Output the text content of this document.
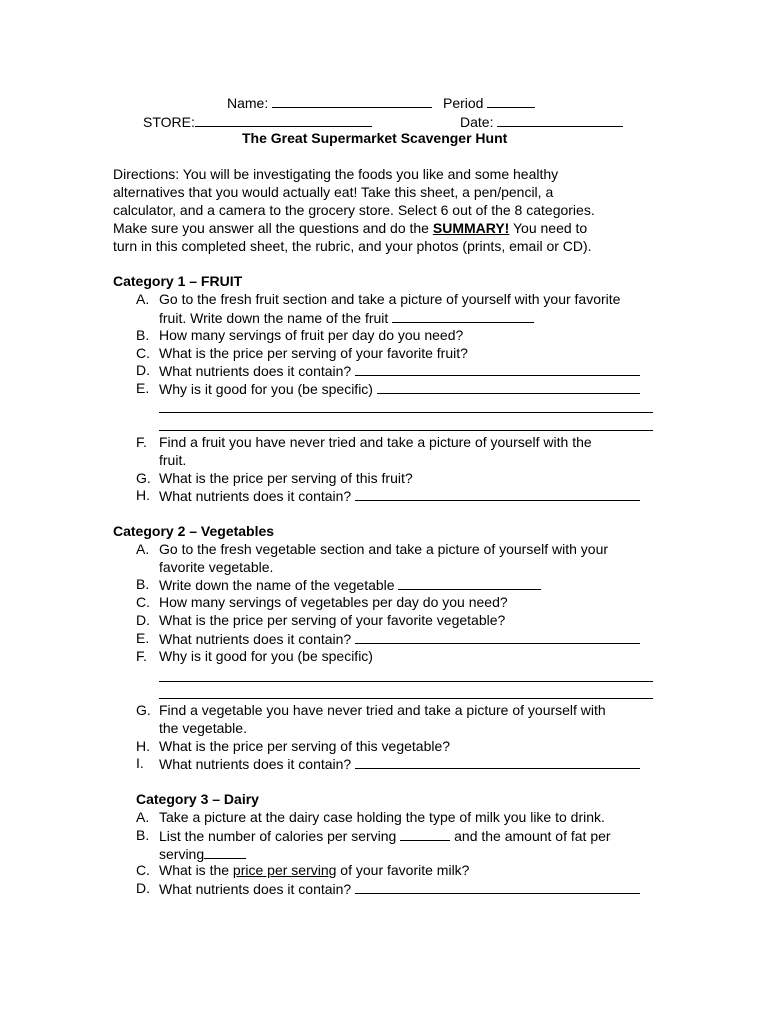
Name:	Period
STORE:	Date:
The Great Supermarket Scavenger Hunt
Directions: You will be investigating the foods you like and some healthy
alternatives that you would actually eat! Take this sheet, a pen/pencil, a
calculator, and a camera to the grocery store. Select 6 out of the 8 categories.
Make sure you answer all the questions and do the SUMMARY! You need to
turn in this completed sheet, the rubric, and your photos (prints, email or CD).
Category 1 – FRUIT
A. Go to the fresh fruit section and take a picture of yourself with your favorite
fruit. Write down the name of the fruit
B. How many servings of fruit per day do you need?
C. What is the price per serving of your favorite fruit?
D. What nutrients does it contain?
E. Why is it good for you (be specific)
F. Find a fruit you have never tried and take a picture of yourself with the
fruit.
G. What is the price per serving of this fruit?
H. What nutrients does it contain?
Category 2 – Vegetables
A. Go to the fresh vegetable section and take a picture of yourself with your
favorite vegetable.
B. Write down the name of the vegetable
C. How many servings of vegetables per day do you need?
D. What is the price per serving of your favorite vegetable?
E. What nutrients does it contain?
F. Why is it good for you (be specific)
G. Find a vegetable you have never tried and take a picture of yourself with
the vegetable.
H. What is the price per serving of this vegetable?
I.	What nutrients does it contain?
Category 3 – Dairy
A. Take a picture at the dairy case holding the type of milk you like to drink.
B. List the number of calories per serving	and the amount of fat per
serving
C. What is the price per serving of your favorite milk?
D. What nutrients does it contain?
